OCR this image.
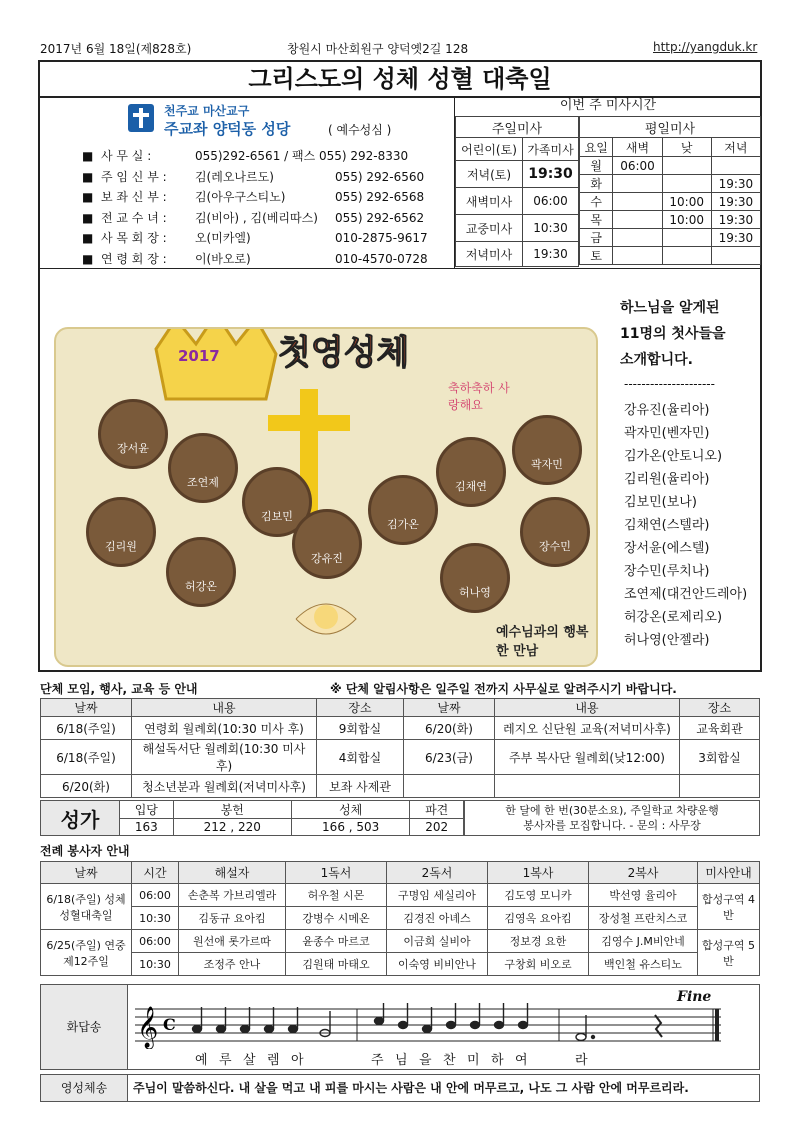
2017년 6월 18일(제828호)	창원시 마산회원구 양덕옛2길 128	http://yangduk.kr
그리스도의 성체 성혈 대축일
천주교 마산교구
주교좌 양덕동 성당	( 예수성심 )
■  사 무 실 :	055)292-6561 / 팩스 055) 292-8330
■  주 임 신 부 : 김(레오나르도)	055) 292-6560
■  보 좌 신 부 : 김(아우구스티노)	055) 292-6568
■  전 교 수 녀 : 김(비아) , 김(베리따스) 055) 292-6562
■  사 목 회 장 : 오(미카엘)	010-2875-9617
■  연 령 회 장 : 이(바오로)	010-4570-0728
이번 주 미사시간
주일미사	
어린이(토)	가족미사
저녁(토)	19:30
새벽미사	06:00
교중미사	10:30
저녁미사	19:30
평일미사			
요일	새벽	낮	저녁
월	06:00		
화			19:30
수		10:00	19:30
목		10:00	19:30
금			19:30
토			
2017 첫영성체
축하축하 사랑해요
장서윤
조연제
김보민
김채연
곽자민
김리원
강유진
김가온
장수민
허강온	허나영
예수님과의 행복한 만남
하느님을 알게된
11명의 첫사들을
소개합니다.
---------------------
강유진(율리아)
곽자민(벤자민)
김가온(안토니오)
김리원(율리아)
김보민(보나)
김채연(스텔라)
장서윤(에스텔)
장수민(루치나)
조연제(대건안드레아)
허강온(로제리오)
허나영(안젤라)
단체 모임, 행사, 교육 등 안내	※ 단체 알림사항은 일주일 전까지 사무실로 알려주시기 바랍니다.
날짜	내용	장소	날짜	내용	장소
6/18(주일)	연령회 월례회(10:30 미사 후)	9회합실	6/20(화)	레지오 신단원 교육(저녁미사후)	교육회관
6/18(주일)	해설독서단 월례회(10:30 미사 후)	4회합실	6/23(금)	주부 복사단 월례회(낮12:00)	3회합실
6/20(화)	청소년분과 월례회(저녁미사후)	보좌 사제관			
성가	입당	봉헌	성체	파견
	163	212 , 220	166 , 503	202
한 달에 한 번(30분소요), 주일학교 차량운행
봉사자를 모집합니다. - 문의 : 사무장
전례 봉사자 안내
날짜	시간	해설자	1독서	2독서	1복사	2복사	미사안내
6/18(주일) 성체성혈대축일	06:00	손춘복 가브리엘라	허우철 시몬	구명임 세실리아	김도영 모니카	박선영 율리아	합성구역 4반
	10:30	김동규 요아킴	강병수 시메온	김경진 아녜스	김영옥 요아킴	장성철 프란치스코	
6/25(주일) 연중 제12주일	06:00	원선애 롯가르따	윤종수 마르코	이금희 실비아	정보경 요한	김영수 J.M비안네	합성구역 5반
	10:30	조정주 안나	김원태 마태오	이숙영 비비안나	구창회 비오로	백인철 유스티노	
화답송
Fine
𝄞 C
예 루 살 렘 아	주 님 을 찬 미 하 여	라
영성체송	주님이 말씀하신다. 내 살을 먹고 내 피를 마시는 사람은 내 안에 머무르고, 나도 그 사람 안에 머무르리라.
